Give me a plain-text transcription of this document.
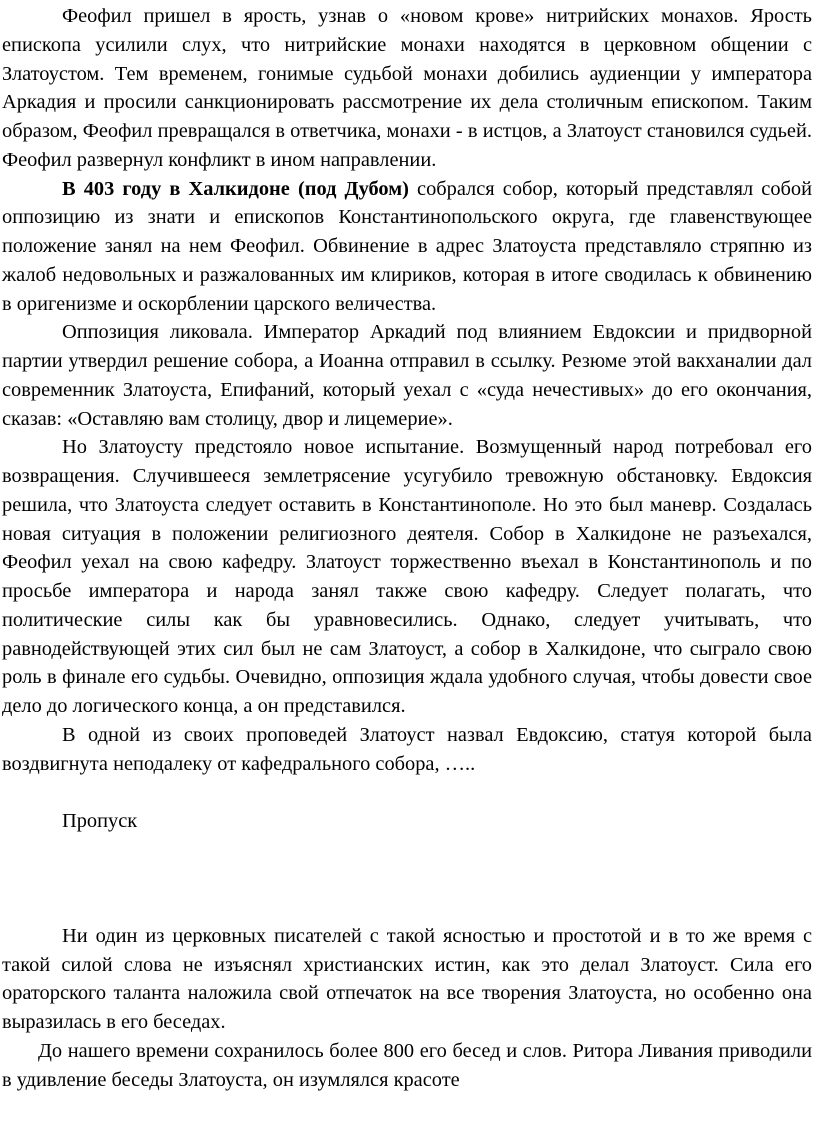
Феофил пришел в ярость, узнав о «новом крове» нитрийских монахов. Ярость епископа усилили слух, что нитрийские монахи находятся в церковном общении с Златоустом. Тем временем, гонимые судьбой монахи добились аудиенции у императора Аркадия и просили санкционировать рассмотрение их дела столичным епископом. Таким образом, Феофил превращался в ответчика, монахи - в истцов, а Златоуст становился судьей. Феофил развернул конфликт в ином направлении.

В 403 году в Халкидоне (под Дубом) собрался собор, который представлял собой оппозицию из знати и епископов Константинопольского округа, где главенствующее положение занял на нем Феофил. Обвинение в адрес Златоуста представляло стряпню из жалоб недовольных и разжалованных им клириков, которая в итоге сводилась к обвинению в оригенизме и оскорблении царского величества.

Оппозиция ликовала. Император Аркадий под влиянием Евдоксии и придворной партии утвердил решение собора, а Иоанна отправил в ссылку. Резюме этой вакханалии дал современник Златоуста, Епифаний, который уехал с «суда нечестивых» до его окончания, сказав: «Оставляю вам столицу, двор и лицемерие».

Но Златоусту предстояло новое испытание. Возмущенный народ потребовал его возвращения. Случившееся землетрясение усугубило тревожную обстановку. Евдоксия решила, что Златоуста следует оставить в Константинополе. Но это был маневр. Создалась новая ситуация в положении религиозного деятеля. Собор в Халкидоне не разъехался, Феофил уехал на свою кафедру. Златоуст торжественно въехал в Константинополь и по просьбе императора и народа занял также свою кафедру. Следует полагать, что политические силы как бы уравновесились. Однако, следует учитывать, что равнодействующей этих сил был не сам Златоуст, а собор в Халкидоне, что сыграло свою роль в финале его судьбы. Очевидно, оппозиция ждала удобного случая, чтобы довести свое дело до логического конца, а он представился.

В одной из своих проповедей Златоуст назвал Евдоксию, статуя которой была воздвигнута неподалеку от кафедрального собора, …..

Пропуск

Ни один из церковных писателей с такой ясностью и простотой и в то же время с такой силой слова не изъяснял христианских истин, как это делал Златоуст. Сила его ораторского таланта наложила свой отпечаток на все творения Златоуста, но особенно она выразилась в его беседах.

До нашего времени сохранилось более 800 его бесед и слов. Ритора Ливания приводили в удивление беседы Златоуста, он изумлялся красоте
